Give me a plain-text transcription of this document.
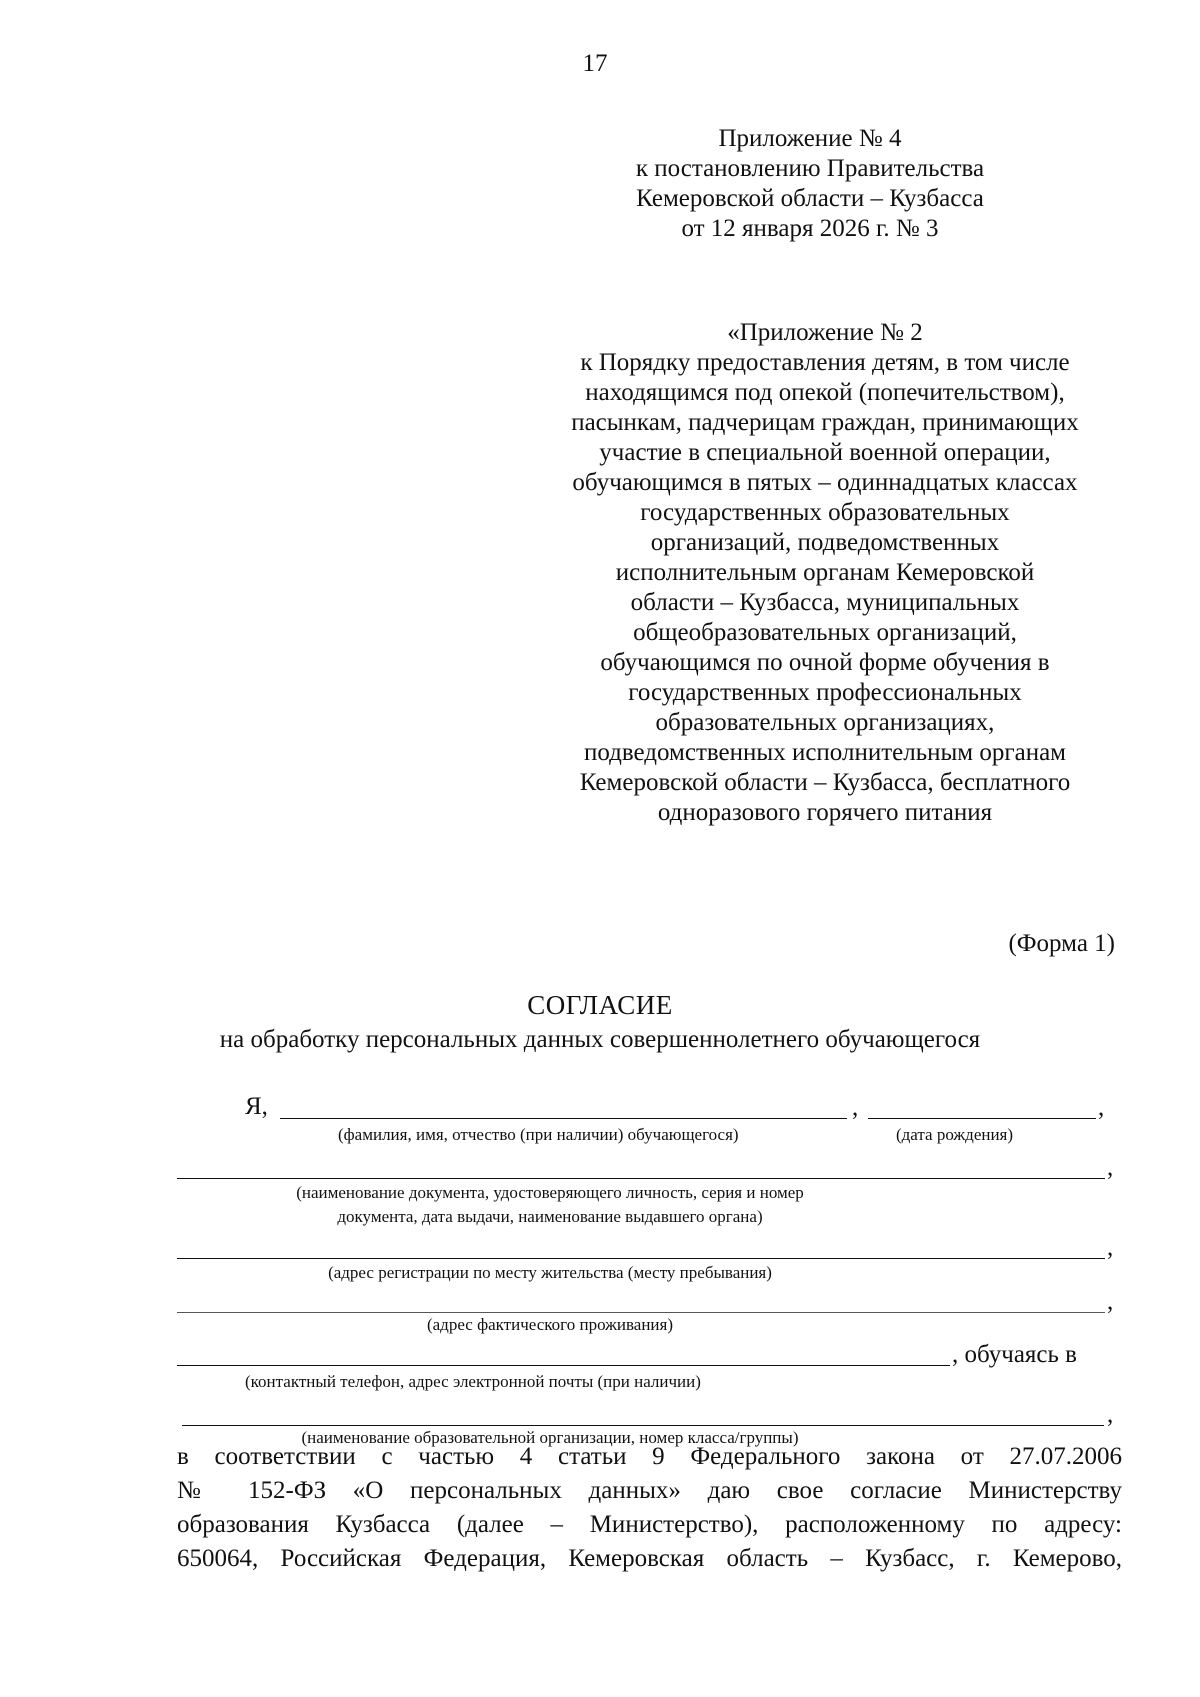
17
Приложение № 4
к постановлению Правительства
Кемеровской области – Кузбасса
от 12 января 2026 г. № 3
«Приложение № 2
к Порядку предоставления детям, в том числе
находящимся под опекой (попечительством),
пасынкам, падчерицам граждан, принимающих
участие в специальной военной операции,
обучающимся в пятых – одиннадцатых классах
государственных образовательных
организаций, подведомственных
исполнительным органам Кемеровской
области – Кузбасса, муниципальных
общеобразовательных организаций,
обучающимся по очной форме обучения в
государственных профессиональных
образовательных организациях,
подведомственных исполнительным органам
Кемеровской области – Кузбасса, бесплатного
одноразового горячего питания
(Форма 1)
СОГЛАСИЕ
на обработку персональных данных совершеннолетнего обучающегося
Я,	,	,
(фамилия, имя, отчество (при наличии) обучающегося)	(дата рождения)
,
(наименование документа, удостоверяющего личность, серия и номер
документа, дата выдачи, наименование выдавшего органа)
,
(адрес регистрации по месту жительства (месту пребывания)
,
(адрес фактического проживания)
, обучаясь в
(контактный телефон, адрес электронной почты (при наличии)
,
(наименование образовательной организации, номер класса/группы)
в соответствии с частью 4 статьи 9 Федерального закона от 27.07.2006
№ 152-ФЗ «О персональных данных» даю свое согласие Министерству
образования Кузбасса (далее – Министерство), расположенному по адресу:
650064, Российская Федерация, Кемеровская область – Кузбасс, г. Кемерово,
